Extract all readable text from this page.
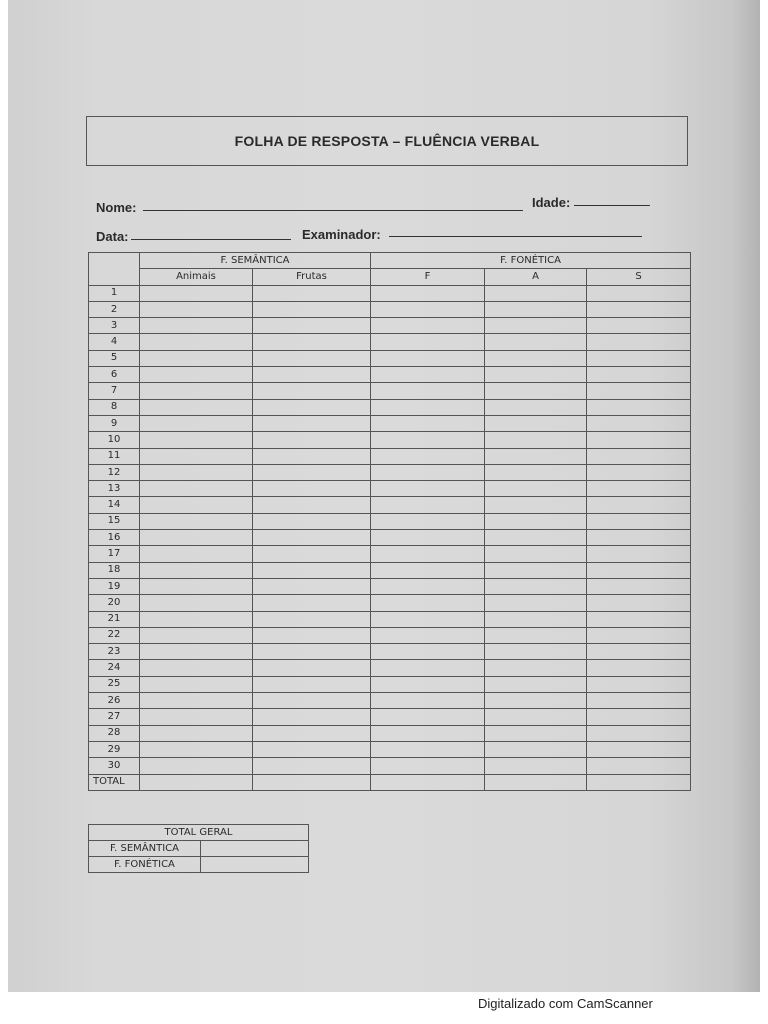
FOLHA DE RESPOSTA – FLUÊNCIA VERBAL
Nome:	Idade:
Data:	Examinador:
	F. SEMÂNTICA		F. FONÉTICA		
	Animais	Frutas	F	A	S
1					
2					
3					
4					
5					
6					
7					
8					
9					
10					
11					
12					
13					
14					
15					
16					
17					
18					
19					
20					
21					
22					
23					
24					
25					
26					
27					
28					
29					
30					
TOTAL					
TOTAL GERAL	
F. SEMÂNTICA	
F. FONÉTICA	
Digitalizado com CamScanner
